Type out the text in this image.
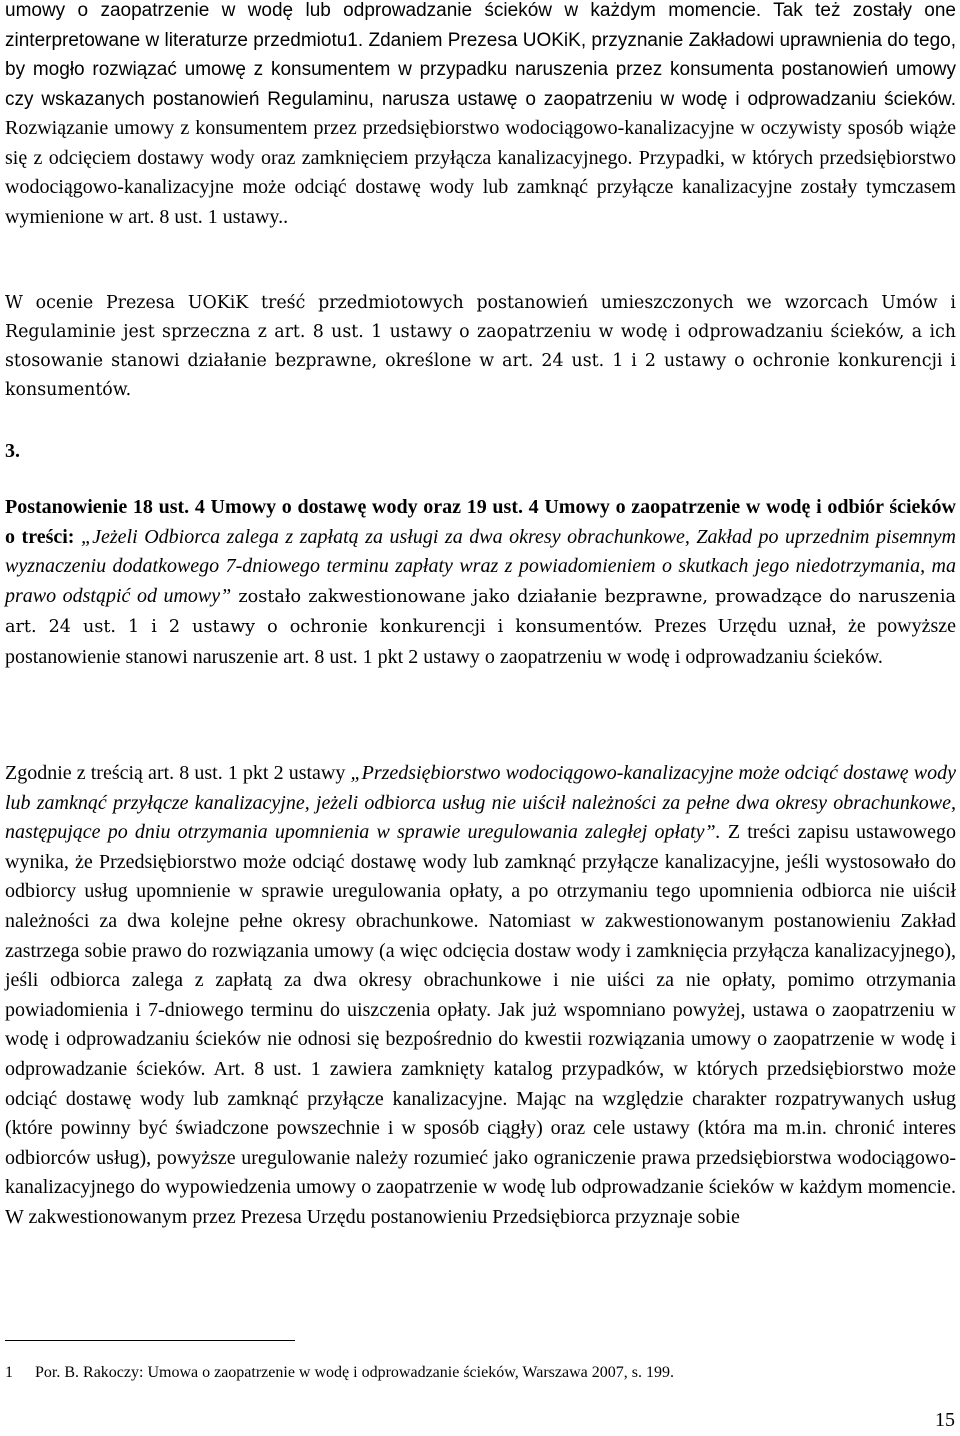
umowy o zaopatrzenie w wodę lub odprowadzanie ścieków w każdym momencie. Tak też zostały one zinterpretowane w literaturze przedmiotu1. Zdaniem Prezesa UOKiK, przyznanie Zakładowi uprawnienia do tego, by mogło rozwiązać umowę z konsumentem w przypadku naruszenia przez konsumenta postanowień umowy czy wskazanych postanowień Regulaminu, narusza ustawę o zaopatrzeniu w wodę i odprowadzaniu ścieków. Rozwiązanie umowy z konsumentem przez przedsiębiorstwo wodociągowo-kanalizacyjne w oczywisty sposób wiąże się z odcięciem dostawy wody oraz zamknięciem przyłącza kanalizacyjnego. Przypadki, w których przedsiębiorstwo wodociągowo-kanalizacyjne może odciąć dostawę wody lub zamknąć przyłącze kanalizacyjne zostały tymczasem wymienione w art. 8 ust. 1 ustawy..

W ocenie Prezesa UOKiK treść przedmiotowych postanowień umieszczonych we wzorcach Umów i Regulaminie jest sprzeczna z art. 8 ust. 1 ustawy o zaopatrzeniu w wodę i odprowadzaniu ścieków, a ich stosowanie stanowi działanie bezprawne, określone w art. 24 ust. 1 i 2 ustawy o ochronie konkurencji i konsumentów.

3.

Postanowienie 18 ust. 4 Umowy o dostawę wody oraz 19 ust. 4 Umowy o zaopatrzenie w wodę i odbiór ścieków o treści: „Jeżeli Odbiorca zalega z zapłatą za usługi za dwa okresy obrachunkowe, Zakład po uprzednim pisemnym wyznaczeniu dodatkowego 7-dniowego terminu zapłaty wraz z powiadomieniem o skutkach jego niedotrzymania, ma prawo odstąpić od umowy” zostało zakwestionowane jako działanie bezprawne, prowadzące do naruszenia art. 24 ust. 1 i 2 ustawy o ochronie konkurencji i konsumentów. Prezes Urzędu uznał, że powyższe postanowienie stanowi naruszenie art. 8 ust. 1 pkt 2 ustawy o zaopatrzeniu w wodę i odprowadzaniu ścieków.

Zgodnie z treścią art. 8 ust. 1 pkt 2 ustawy „Przedsiębiorstwo wodociągowo-kanalizacyjne może odciąć dostawę wody lub zamknąć przyłącze kanalizacyjne, jeżeli odbiorca usług nie uiścił należności za pełne dwa okresy obrachunkowe, następujące po dniu otrzymania upomnienia w sprawie uregulowania zaległej opłaty”. Z treści zapisu ustawowego wynika, że Przedsiębiorstwo może odciąć dostawę wody lub zamknąć przyłącze kanalizacyjne, jeśli wystosowało do odbiorcy usług upomnienie w sprawie uregulowania opłaty, a po otrzymaniu tego upomnienia odbiorca nie uiścił należności za dwa kolejne pełne okresy obrachunkowe. Natomiast w zakwestionowanym postanowieniu Zakład zastrzega sobie prawo do rozwiązania umowy (a więc odcięcia dostaw wody i zamknięcia przyłącza kanalizacyjnego), jeśli odbiorca zalega z zapłatą za dwa okresy obrachunkowe i nie uiści za nie opłaty, pomimo otrzymania powiadomienia i 7-dniowego terminu do uiszczenia opłaty. Jak już wspomniano powyżej, ustawa o zaopatrzeniu w wodę i odprowadzaniu ścieków nie odnosi się bezpośrednio do kwestii rozwiązania umowy o zaopatrzenie w wodę i odprowadzanie ścieków. Art. 8 ust. 1 zawiera zamknięty katalog przypadków, w których przedsiębiorstwo może odciąć dostawę wody lub zamknąć przyłącze kanalizacyjne. Mając na względzie charakter rozpatrywanych usług (które powinny być świadczone powszechnie i w sposób ciągły) oraz cele ustawy (która ma m.in. chronić interes odbiorców usług), powyższe uregulowanie należy rozumieć jako ograniczenie prawa przedsiębiorstwa wodociągowo-kanalizacyjnego do wypowiedzenia umowy o zaopatrzenie w wodę lub odprowadzanie ścieków w każdym momencie. W zakwestionowanym przez Prezesa Urzędu postanowieniu Przedsiębiorca przyznaje sobie

1 Por. B. Rakoczy: Umowa o zaopatrzenie w wodę i odprowadzanie ścieków, Warszawa 2007, s. 199.
15
